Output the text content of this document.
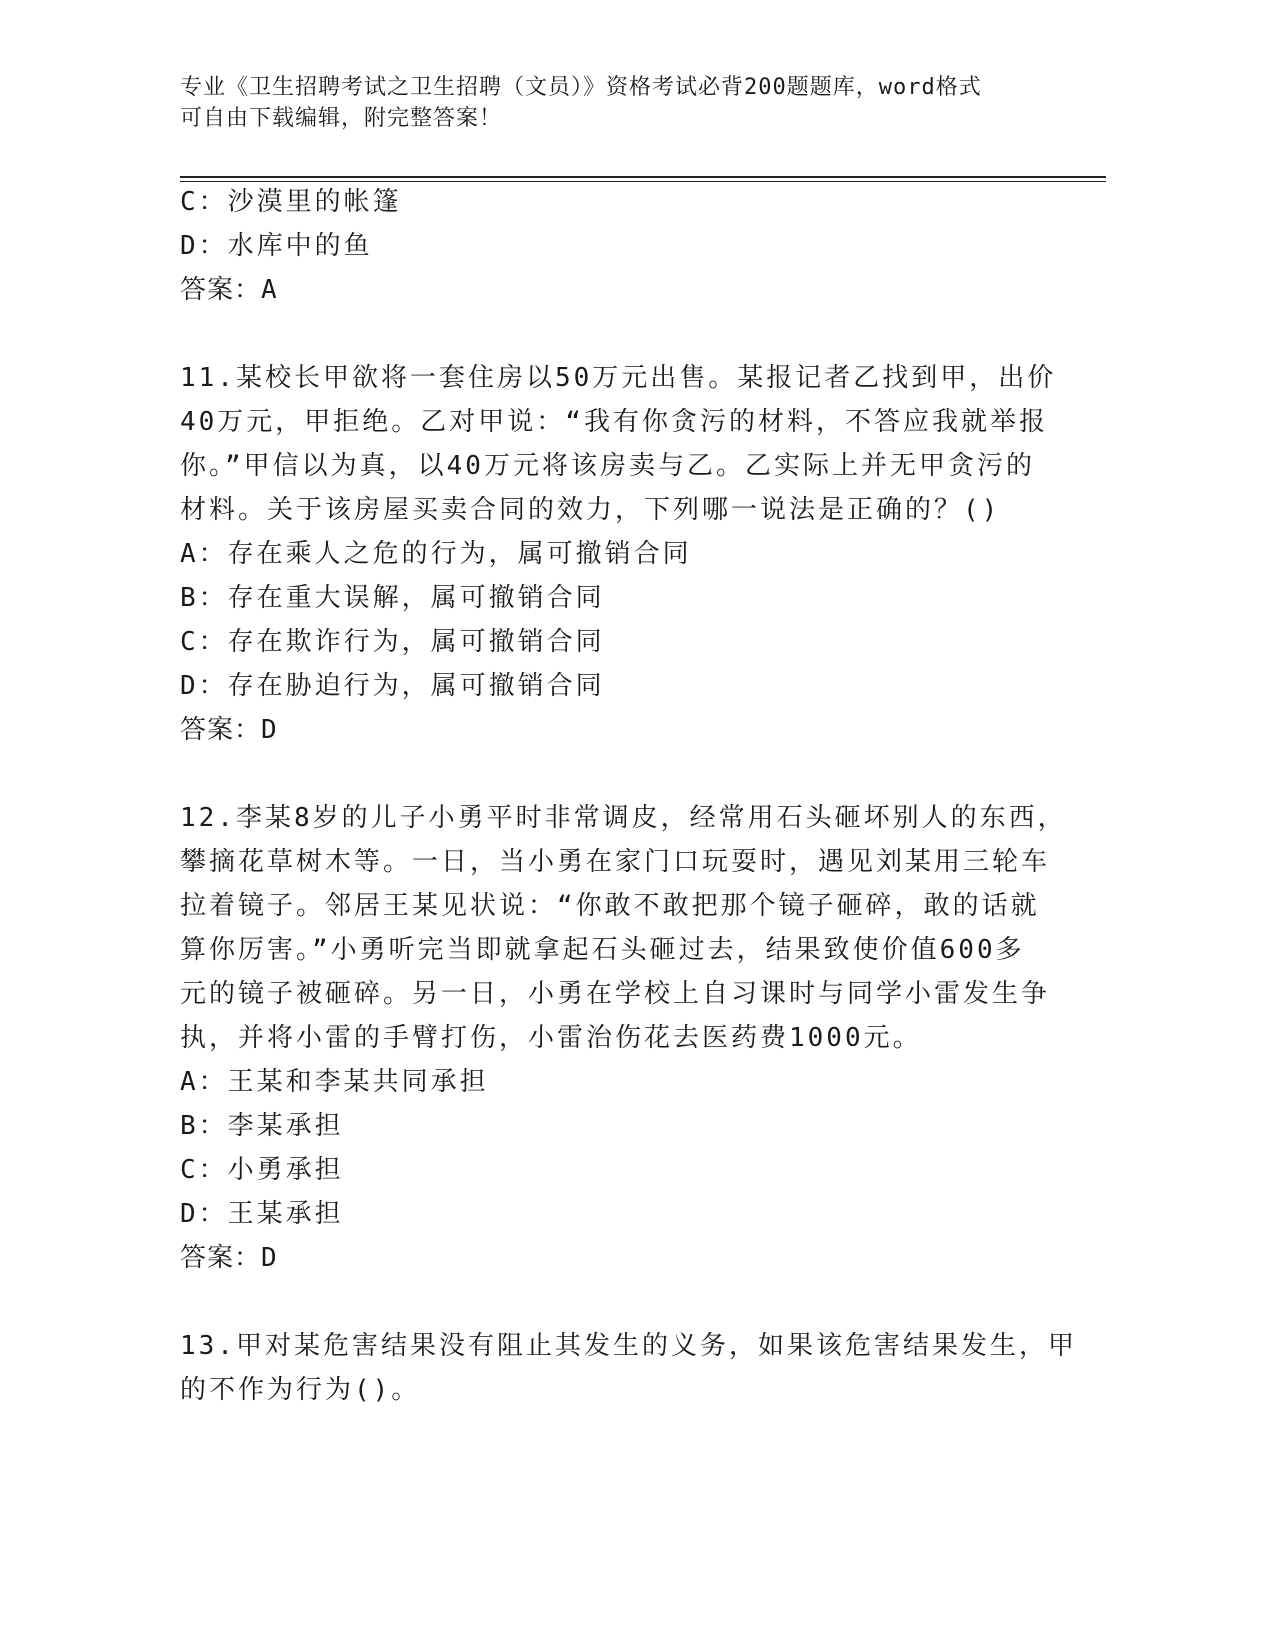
专业《卫生招聘考试之卫生招聘（文员）》资格考试必背200题题库，word格式
可自由下载编辑，附完整答案！
C：沙漠里的帐篷
D：水库中的鱼
答案：A
11.某校长甲欲将一套住房以50万元出售。某报记者乙找到甲，出价
40万元，甲拒绝。乙对甲说：“我有你贪污的材料，不答应我就举报
你。”甲信以为真，以40万元将该房卖与乙。乙实际上并无甲贪污的
材料。关于该房屋买卖合同的效力，下列哪一说法是正确的？()
A：存在乘人之危的行为，属可撤销合同
B：存在重大误解，属可撤销合同
C：存在欺诈行为，属可撤销合同
D：存在胁迫行为，属可撤销合同
答案：D
12.李某8岁的儿子小勇平时非常调皮，经常用石头砸坏别人的东西，
攀摘花草树木等。一日，当小勇在家门口玩耍时，遇见刘某用三轮车
拉着镜子。邻居王某见状说：“你敢不敢把那个镜子砸碎，敢的话就
算你厉害。”小勇听完当即就拿起石头砸过去，结果致使价值600多
元的镜子被砸碎。另一日，小勇在学校上自习课时与同学小雷发生争
执，并将小雷的手臂打伤，小雷治伤花去医药费1000元。
A：王某和李某共同承担
B：李某承担
C：小勇承担
D：王某承担
答案：D
13.甲对某危害结果没有阻止其发生的义务，如果该危害结果发生，甲
的不作为行为()。
